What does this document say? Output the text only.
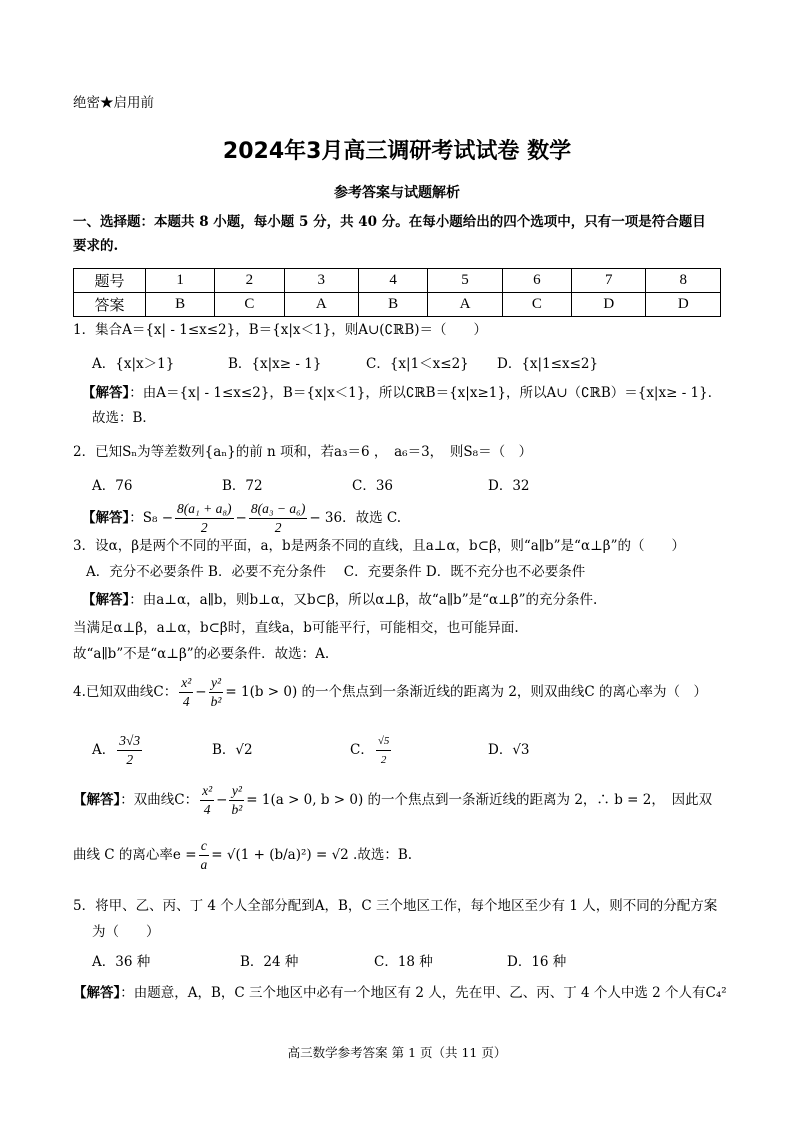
绝密★启用前
2024年3月高三调研考试试卷 数学
参考答案与试题解析
一、选择题：本题共 8 小题，每小题 5 分，共 40 分。在每小题给出的四个选项中，只有一项是符合题目
要求的.
题号	1	2	3	4	5	6	7	8
答案	B	C	A	B	A	C	D	D
1．集合A＝{x| - 1≤x≤2}，B＝{x|x＜1}，则A∪(∁ℝB)＝（　　）
A．{x|x＞1}	B．{x|x≥ - 1}	C．{x|1＜x≤2} D．{x|1≤x≤2}
【解答】：由A＝{x| - 1≤x≤2}，B＝{x|x＜1}，所以∁ℝB＝{x|x≥1}，所以A∪（∁ℝB）＝{x|x≥ - 1}．
故选：B．
2．已知Sₙ为等差数列{aₙ}的前 n 项和，若a₃＝6 ，　a₆＝3，　则S₈＝（　）
A．76	B．72	C．36	D．32
【解答】：$S_8 - \frac{\text{8(a₁ + a₈)}}{2} - \frac{\text{8(a₃ − a₆)}}{2} - 36$．故选 C.
3．设α，β是两个不同的平面，a，b是两条不同的直线，且a⊥α，b⊂β，则“a∥b”是“α⊥β”的（　　）
A．充分不必要条件 B．必要不充分条件　 C．充要条件 D．既不充分也不必要条件
【解答】：由a⊥α，a∥b，则b⊥α，又b⊂β，所以α⊥β，故“a∥b”是“α⊥β”的充分条件.
当满足α⊥β，a⊥α，b⊂β时，直线a，b可能平行，可能相交，也可能异面.
故“a∥b”不是“α⊥β”的必要条件．故选：A.
4.已知双曲线C： $\frac{\text{x²}}{4} - \frac{\text{y²}}{\text{b²}} = 1(b > 0)$ 的一个焦点到一条渐近线的距离为 2，则双曲线C 的离心率为（　）
A． $\frac{3√3}{2}$	B．√2	C． $\frac{√5}{2}$	D．√3
【解答】：双曲线C： $\frac{\text{x²}}{4} - \frac{\text{y²}}{\text{b²}} = 1(a > 0$, b > 0) 的一个焦点到一条渐近线的距离为 2，∴ b = 2，　因此双
曲线 C 的离心率$e = \frac{c}{a} = √(1 + (b/a)^2) = √2$ .故选：B.
5．将甲、乙、丙、丁 4 个人全部分配到A，B，C 三个地区工作，每个地区至少有 1 人，则不同的分配方案
为（　　）
A．36 种	B．24 种	C．18 种	D．16 种
【解答】：由题意，A，B，C 三个地区中必有一个地区有 2 人，先在甲、乙、丙、丁 4 个人中选 2 个人有C₄²
高三数学参考答案 第 1 页（共 11 页）
